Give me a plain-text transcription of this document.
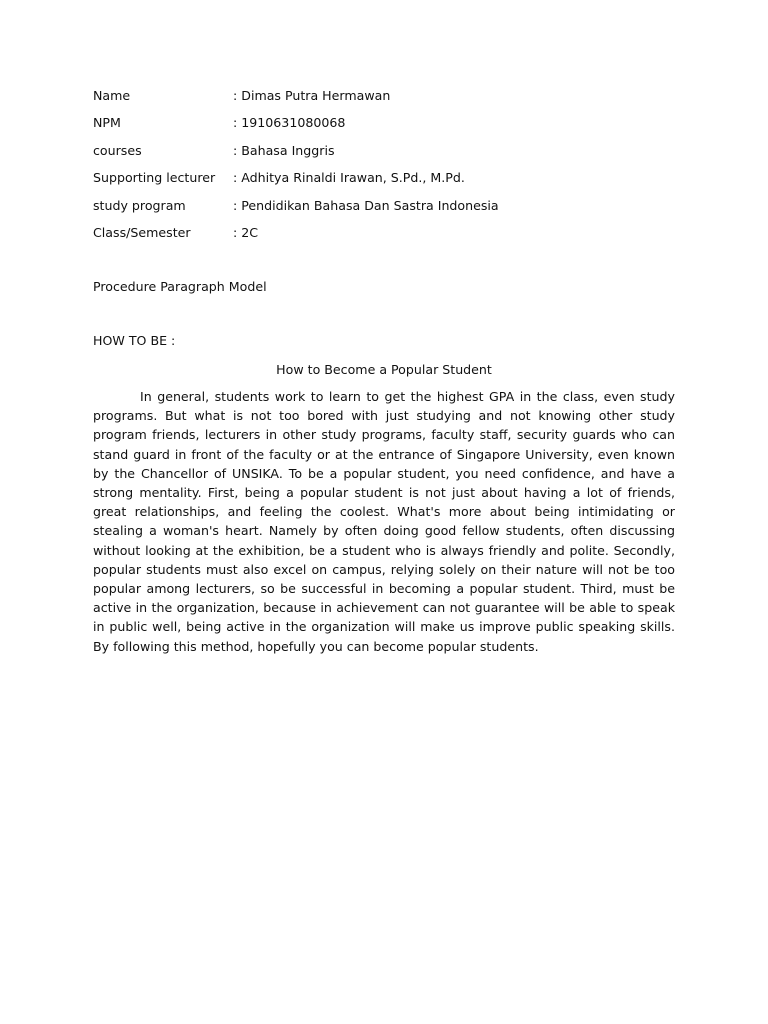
Name	: Dimas Putra Hermawan
NPM	: 1910631080068
courses	: Bahasa Inggris
Supporting lecturer	: Adhitya Rinaldi Irawan, S.Pd., M.Pd.
study program	: Pendidikan Bahasa Dan Sastra Indonesia
Class/Semester	: 2C
Procedure Paragraph Model
HOW TO BE :
How to Become a Popular Student

In general, students work to learn to get the highest GPA in the class, even study programs. But what is not too bored with just studying and not knowing other study program friends, lecturers in other study programs, faculty staff, security guards who can stand guard in front of the faculty or at the entrance of Singapore University, even known by the Chancellor of UNSIKA. To be a popular student, you need confidence, and have a strong mentality. First, being a popular student is not just about having a lot of friends, great relationships, and feeling the coolest. What's more about being intimidating or stealing a woman's heart. Namely by often doing good fellow students, often discussing without looking at the exhibition, be a student who is always friendly and polite. Secondly, popular students must also excel on campus, relying solely on their nature will not be too popular among lecturers, so be successful in becoming a popular student. Third, must be active in the organization, because in achievement can not guarantee will be able to speak in public well, being active in the organization will make us improve public speaking skills. By following this method, hopefully you can become popular students.
